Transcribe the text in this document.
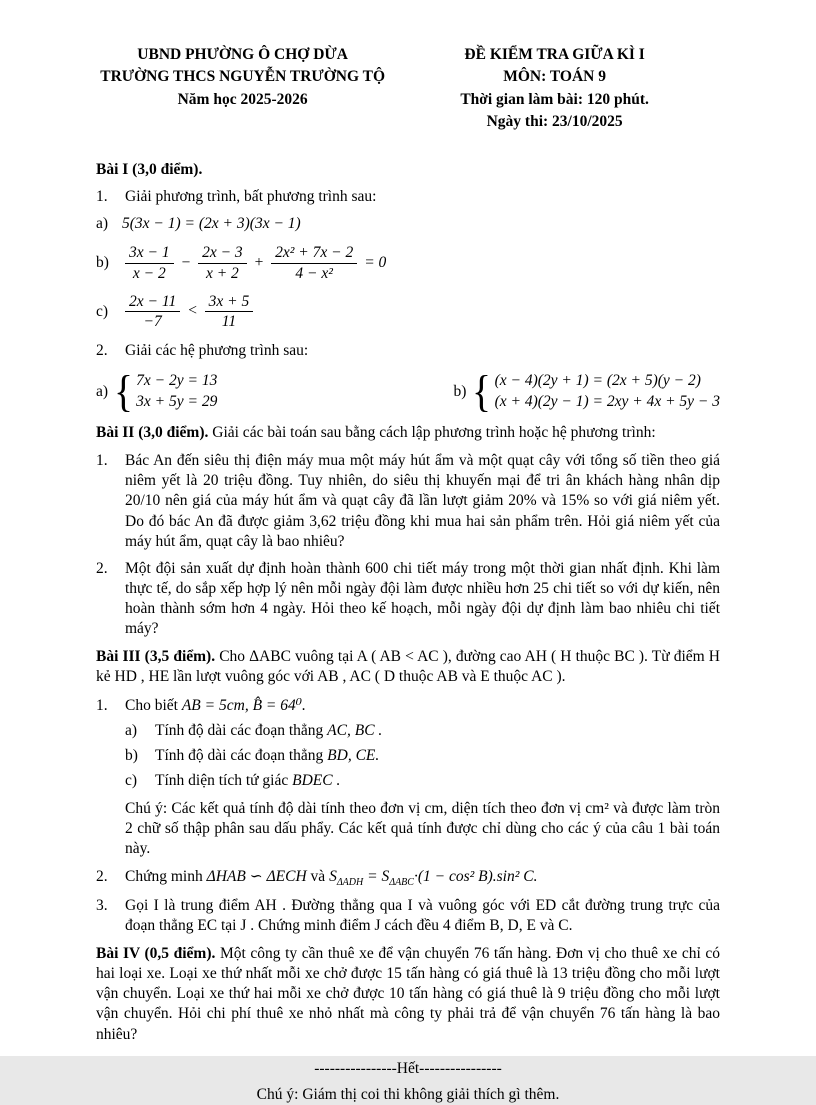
UBND PHƯỜNG Ô CHỢ DỪA
TRƯỜNG THCS NGUYỄN TRƯỜNG TỘ
Năm học 2025-2026
ĐỀ KIỂM TRA GIỮA KÌ I
MÔN: TOÁN 9
Thời gian làm bài: 120 phút.
Ngày thi: 23/10/2025
Bài I (3,0 điểm).
1.	Giải phương trình, bất phương trình sau:
a) 5(3x − 1) = (2x + 3)(3x − 1)
b)	$\frac{3x - 1}{x - 2} - \frac{2x - 3}{x + 2} + \frac{\text{2x² + 7x − 2}}{\text{4 − x²}} = 0$
c)	$\frac{2x - 11}{-7} < \frac{3x + 5}{11}$
2.	Giải các hệ phương trình sau:
a) { 7x − 2y = 13
3x + 5y = 29
b) { (x − 4)(2y + 1) = (2x + 5)(y − 2)
(x + 4)(2y − 1) = 2xy + 4x + 5y − 3

Bài II (3,0 điểm). Giải các bài toán sau bằng cách lập phương trình hoặc hệ phương trình:

1.	Bác An đến siêu thị điện máy mua một máy hút ẩm và một quạt cây với tổng số tiền theo giá niêm yết là 20 triệu đồng. Tuy nhiên, do siêu thị khuyến mại để tri ân khách hàng nhân dịp 20/10 nên giá của máy hút ẩm và quạt cây đã lần lượt giảm 20% và 15% so với giá niêm yết. Do đó bác An đã được giảm 3,62 triệu đồng khi mua hai sản phẩm trên. Hỏi giá niêm yết của máy hút ẩm, quạt cây là bao nhiêu?
2.	Một đội sản xuất dự định hoàn thành 600 chi tiết máy trong một thời gian nhất định. Khi làm thực tế, do sắp xếp hợp lý nên mỗi ngày đội làm được nhiều hơn 25 chi tiết so với dự kiến, nên hoàn thành sớm hơn 4 ngày. Hỏi theo kế hoạch, mỗi ngày đội dự định làm bao nhiêu chi tiết máy?

Bài III (3,5 điểm). Cho ΔABC vuông tại A ( AB < AC ), đường cao AH ( H thuộc BC ). Từ điểm H kẻ HD , HE lần lượt vuông góc với AB , AC ( D thuộc AB và E thuộc AC ).

1.	Cho biết AB = 5cm, B̂ = 64⁰.
a)	Tính độ dài các đoạn thẳng AC, BC .
b)	Tính độ dài các đoạn thẳng BD, CE.
c)	Tính diện tích tứ giác BDEC .
Chú ý: Các kết quả tính độ dài tính theo đơn vị cm, diện tích theo đơn vị cm² và được làm tròn 2 chữ số thập phân sau dấu phẩy. Các kết quả tính được chỉ dùng cho các ý của câu 1 bài toán này.
2.	Chứng minh ΔHAB ∽ ΔECH và $S_{\Delta ADH} = S_{\Delta ABC}\cdot(1 - \cos^2$ B).sin² C.
3.	Gọi I là trung điểm AH . Đường thẳng qua I và vuông góc với ED cắt đường trung trực của đoạn thẳng EC tại J . Chứng minh điểm J cách đều 4 điểm B, D, E và C.

Bài IV (0,5 điểm). Một công ty cần thuê xe để vận chuyển 76 tấn hàng. Đơn vị cho thuê xe chỉ có hai loại xe. Loại xe thứ nhất mỗi xe chở được 15 tấn hàng có giá thuê là 13 triệu đồng cho mỗi lượt vận chuyển. Loại xe thứ hai mỗi xe chở được 10 tấn hàng có giá thuê là 9 triệu đồng cho mỗi lượt vận chuyển. Hỏi chi phí thuê xe nhỏ nhất mà công ty phải trả để vận chuyển 76 tấn hàng là bao nhiêu?

----------------Hết----------------
Chú ý: Giám thị coi thi không giải thích gì thêm.
